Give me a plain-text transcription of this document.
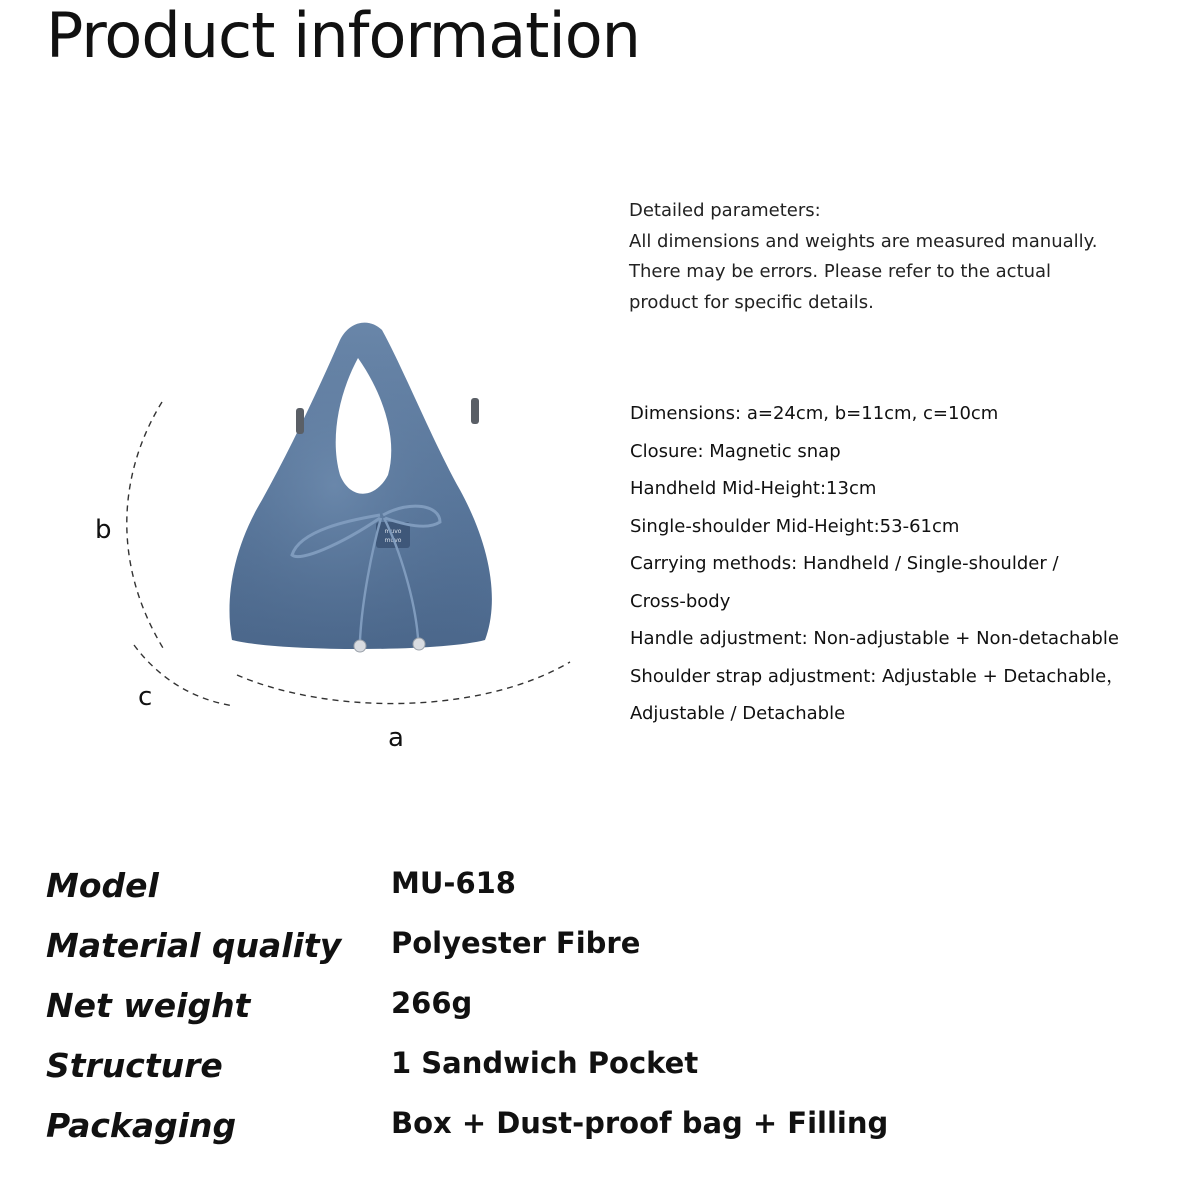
Product information
muvo
muvo
b
c
a
Detailed parameters:
All dimensions and weights are measured manually.
There may be errors. Please refer to the actual
product for specific details.
Dimensions: a=24cm, b=11cm, c=10cm
Closure: Magnetic snap
Handheld Mid-Height:13cm
Single-shoulder Mid-Height:53-61cm
Carrying methods: Handheld / Single-shoulder /
Cross-body
Handle adjustment: Non-adjustable + Non-detachable
Shoulder strap adjustment: Adjustable + Detachable，
Adjustable / Detachable
Model	MU-618
Material quality Polyester Fibre
Net weight	266g
Structure	1 Sandwich Pocket
Packaging	Box + Dust-proof bag + Filling
